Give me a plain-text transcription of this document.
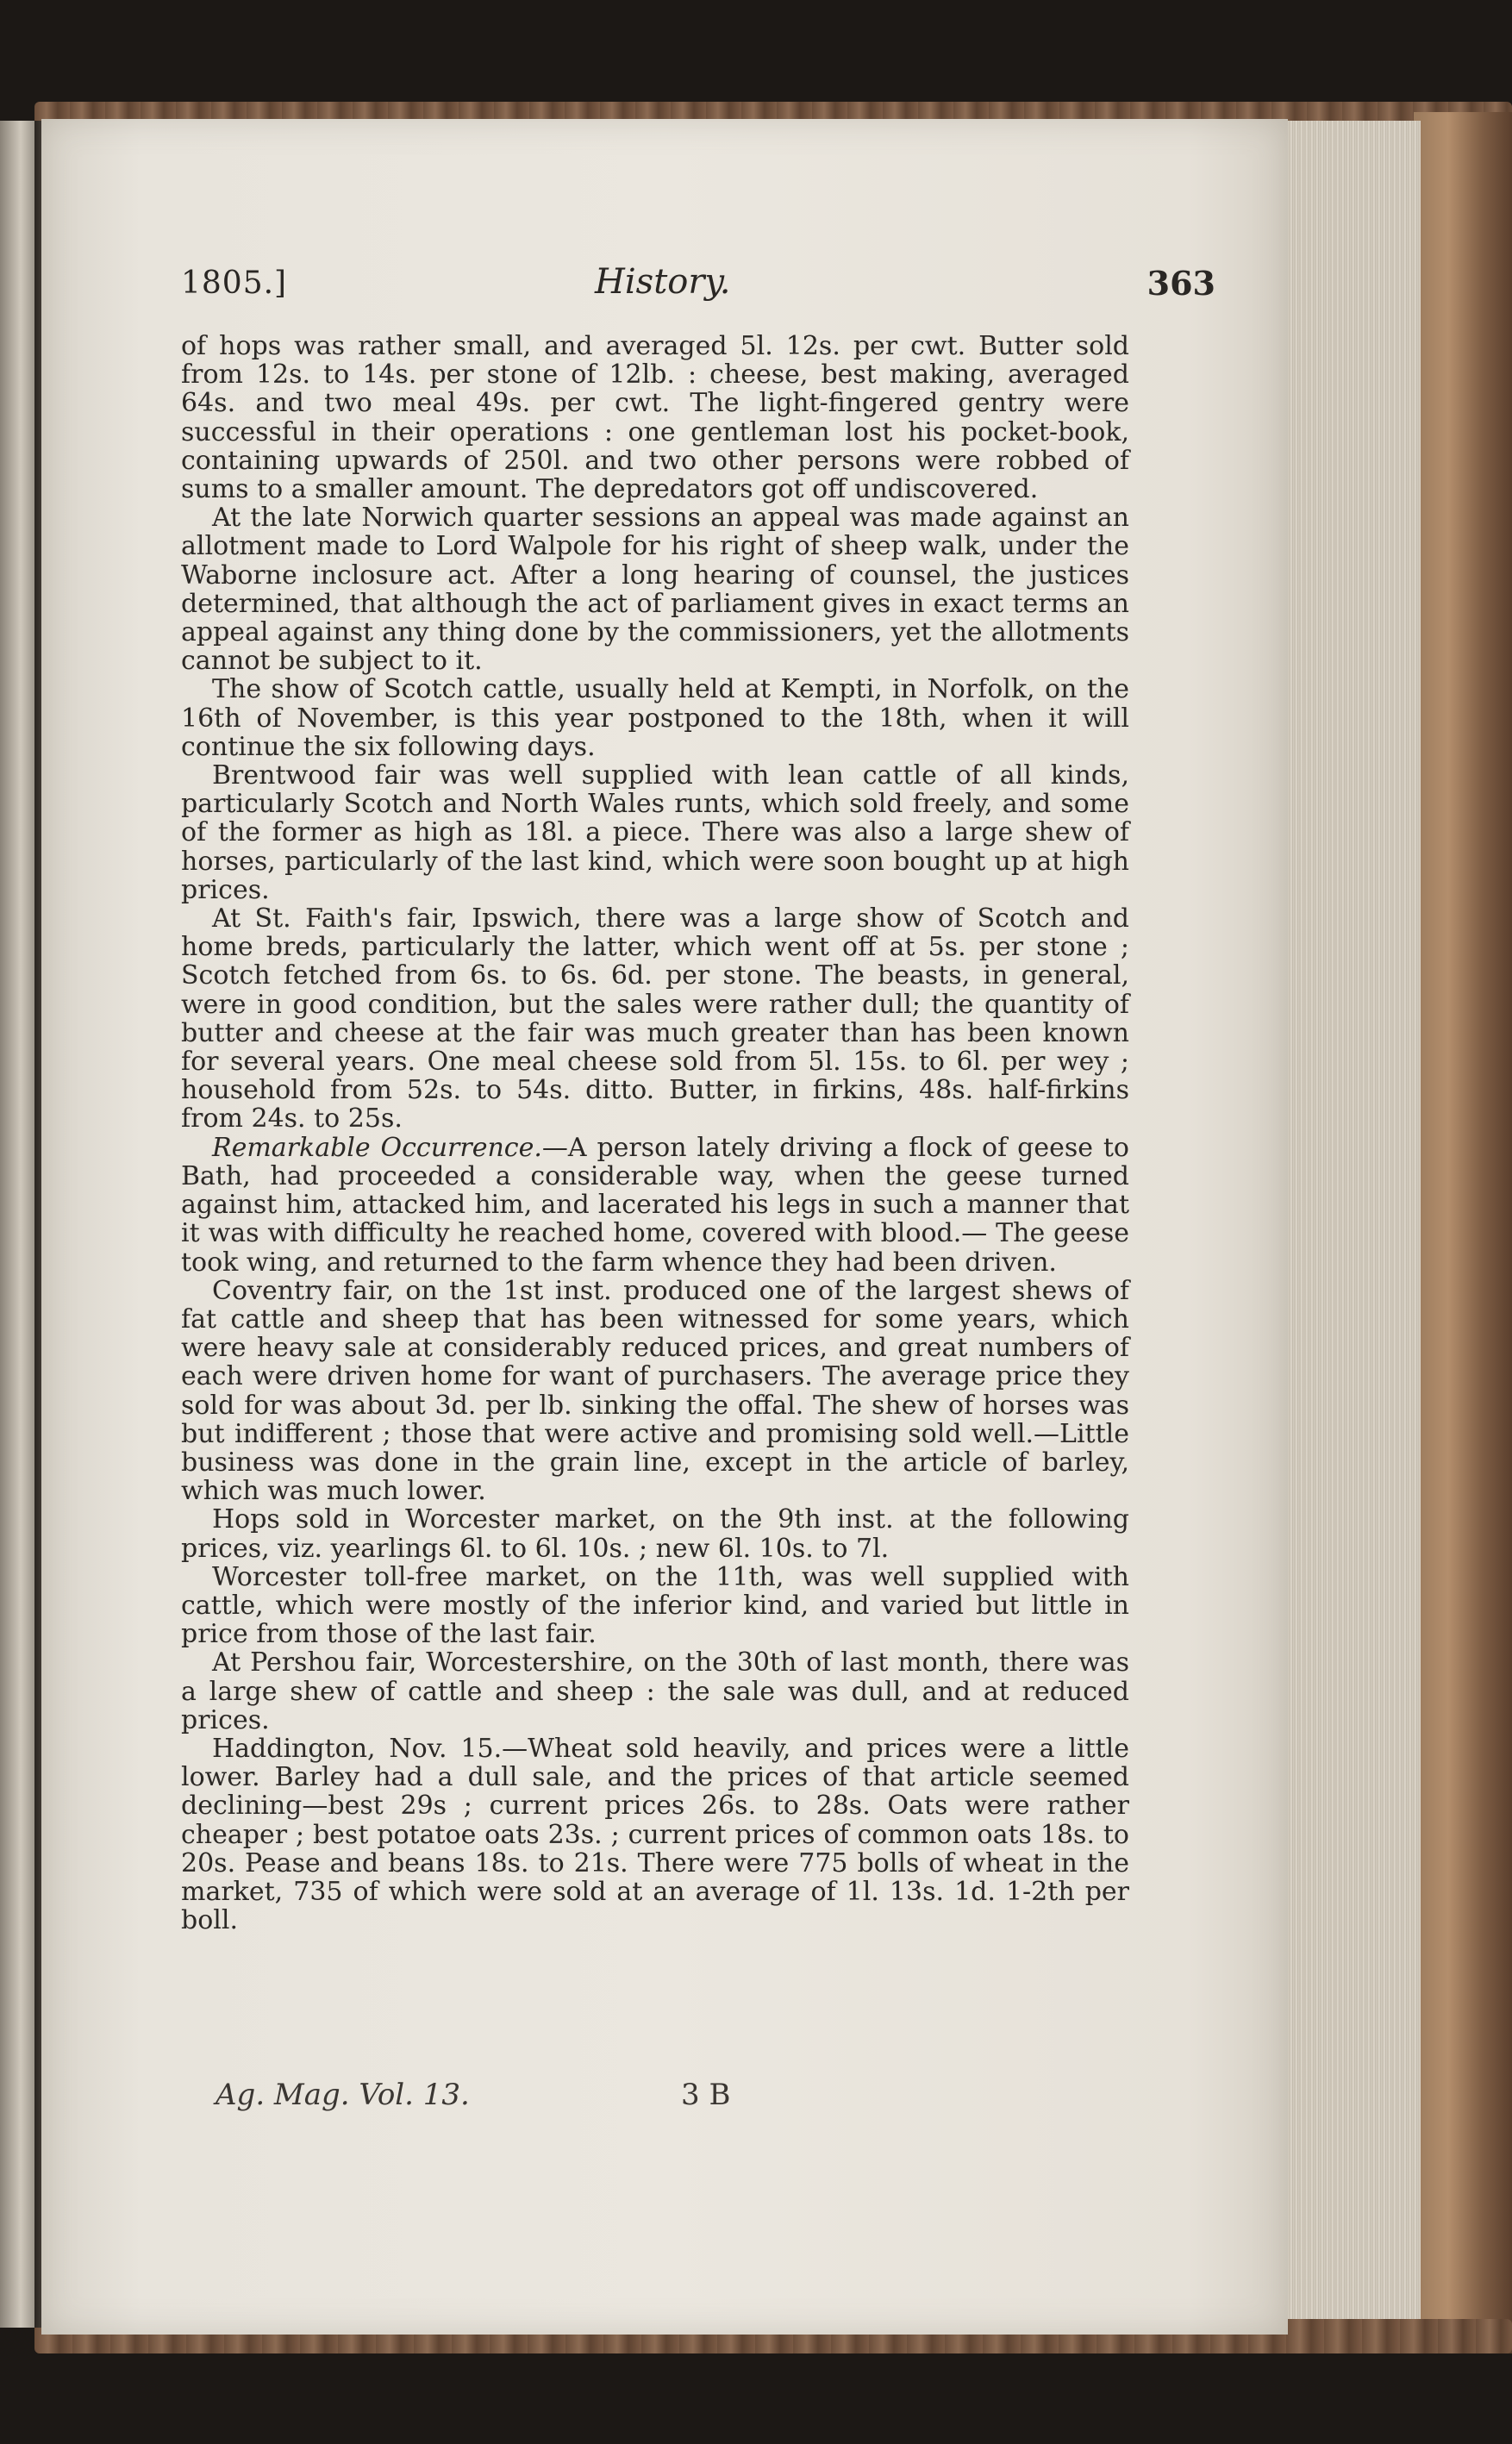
1805.]	History.	363

of hops was rather small, and averaged 5l. 12s. per cwt. Butter sold from 12s. to 14s. per stone of 12lb. : cheese, best making, averaged 64s. and two meal 49s. per cwt. The light-fingered gentry were successful in their operations : one gentleman lost his pocket-book, containing upwards of 250l. and two other persons were robbed of sums to a smaller amount. The depredators got off undiscovered.

At the late Norwich quarter sessions an appeal was made against an allotment made to Lord Walpole for his right of sheep walk, under the Waborne inclosure act. After a long hearing of counsel, the justices determined, that although the act of parliament gives in exact terms an appeal against any thing done by the commissioners, yet the allotments cannot be subject to it.

The show of Scotch cattle, usually held at Kempti, in Norfolk, on the 16th of November, is this year postponed to the 18th, when it will continue the six following days.

Brentwood fair was well supplied with lean cattle of all kinds, particularly Scotch and North Wales runts, which sold freely, and some of the former as high as 18l. a piece. There was also a large shew of horses, particularly of the last kind, which were soon bought up at high prices.

At St. Faith's fair, Ipswich, there was a large show of Scotch and home breds, particularly the latter, which went off at 5s. per stone ; Scotch fetched from 6s. to 6s. 6d. per stone. The beasts, in general, were in good condition, but the sales were rather dull; the quantity of butter and cheese at the fair was much greater than has been known for several years. One meal cheese sold from 5l. 15s. to 6l. per wey ; household from 52s. to 54s. ditto. Butter, in firkins, 48s. half-firkins from 24s. to 25s.

Remarkable Occurrence.—A person lately driving a flock of geese to Bath, had proceeded a considerable way, when the geese turned against him, attacked him, and lacerated his legs in such a manner that it was with difficulty he reached home, covered with blood.— The geese took wing, and returned to the farm whence they had been driven.

Coventry fair, on the 1st inst. produced one of the largest shews of fat cattle and sheep that has been witnessed for some years, which were heavy sale at considerably reduced prices, and great numbers of each were driven home for want of purchasers. The average price they sold for was about 3d. per lb. sinking the offal. The shew of horses was but indifferent ; those that were active and promising sold well.—Little business was done in the grain line, except in the article of barley, which was much lower.

Hops sold in Worcester market, on the 9th inst. at the following prices, viz. yearlings 6l. to 6l. 10s. ; new 6l. 10s. to 7l.

Worcester toll-free market, on the 11th, was well supplied with cattle, which were mostly of the inferior kind, and varied but little in price from those of the last fair.

At Pershou fair, Worcestershire, on the 30th of last month, there was a large shew of cattle and sheep : the sale was dull, and at reduced prices.

Haddington, Nov. 15.—Wheat sold heavily, and prices were a little lower. Barley had a dull sale, and the prices of that article seemed declining—best 29s ; current prices 26s. to 28s. Oats were rather cheaper ; best potatoe oats 23s. ; current prices of common oats 18s. to 20s. Pease and beans 18s. to 21s. There were 775 bolls of wheat in the market, 735 of which were sold at an average of 1l. 13s. 1d. 1-2th per boll.

Ag. Mag. Vol. 13.	3 B
